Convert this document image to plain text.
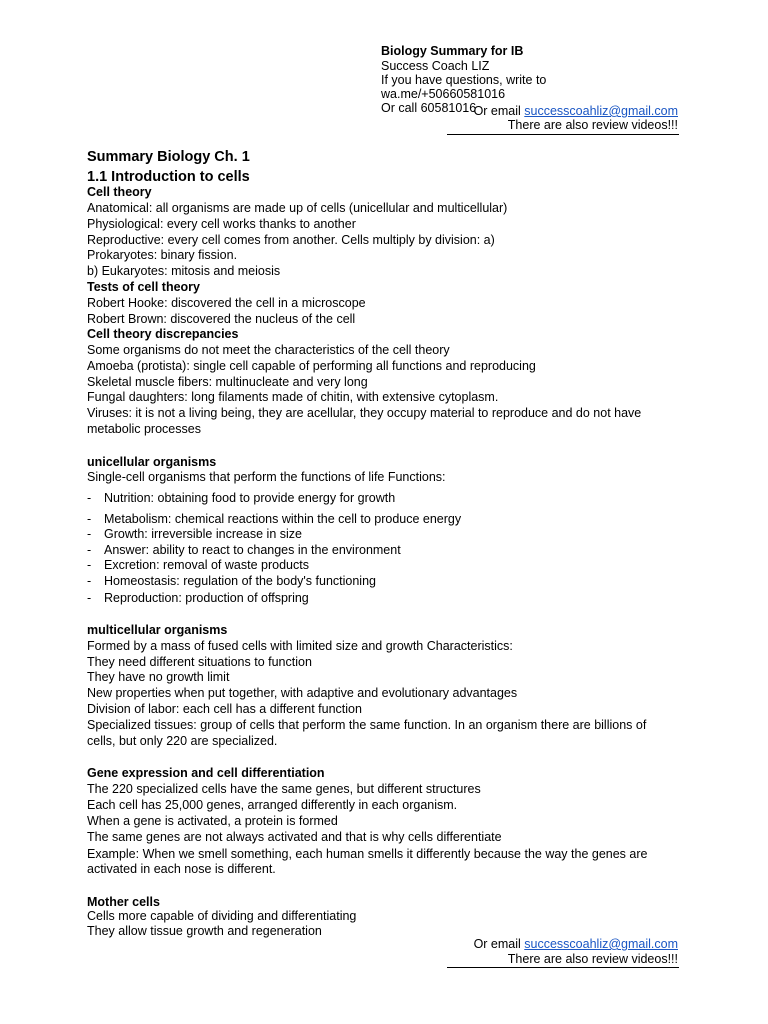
Biology Summary for IB
Success Coach LIZ
If you have questions, write to
wa.me/+50660581016
Or call 60581016
Or email successcoahliz@gmail.com
There are also review videos!!!
Summary Biology Ch. 1
1.1 Introduction to cells
Cell theory
Anatomical: all organisms are made up of cells (unicellular and multicellular)
Physiological: every cell works thanks to another
Reproductive: every cell comes from another. Cells multiply by division: a)
Prokaryotes: binary fission.
b) Eukaryotes: mitosis and meiosis
Tests of cell theory
Robert Hooke: discovered the cell in a microscope
Robert Brown: discovered the nucleus of the cell
Cell theory discrepancies
Some organisms do not meet the characteristics of the cell theory
Amoeba (protista): single cell capable of performing all functions and reproducing
Skeletal muscle fibers: multinucleate and very long
Fungal daughters: long filaments made of chitin, with extensive cytoplasm.
Viruses: it is not a living being, they are acellular, they occupy material to reproduce and do not have
metabolic processes
unicellular organisms
Single-cell organisms that perform the functions of life Functions:
- Nutrition: obtaining food to provide energy for growth
- Metabolism: chemical reactions within the cell to produce energy
- Growth: irreversible increase in size
- Answer: ability to react to changes in the environment
- Excretion: removal of waste products
- Homeostasis: regulation of the body's functioning
- Reproduction: production of offspring
multicellular organisms
Formed by a mass of fused cells with limited size and growth Characteristics:
They need different situations to function
They have no growth limit
New properties when put together, with adaptive and evolutionary advantages
Division of labor: each cell has a different function
Specialized tissues: group of cells that perform the same function. In an organism there are billions of
cells, but only 220 are specialized.
Gene expression and cell differentiation
The 220 specialized cells have the same genes, but different structures
Each cell has 25,000 genes, arranged differently in each organism.
When a gene is activated, a protein is formed
The same genes are not always activated and that is why cells differentiate
Example: When we smell something, each human smells it differently because the way the genes are
activated in each nose is different.
Mother cells
Cells more capable of dividing and differentiating
They allow tissue growth and regeneration
Or email successcoahliz@gmail.com
There are also review videos!!!
